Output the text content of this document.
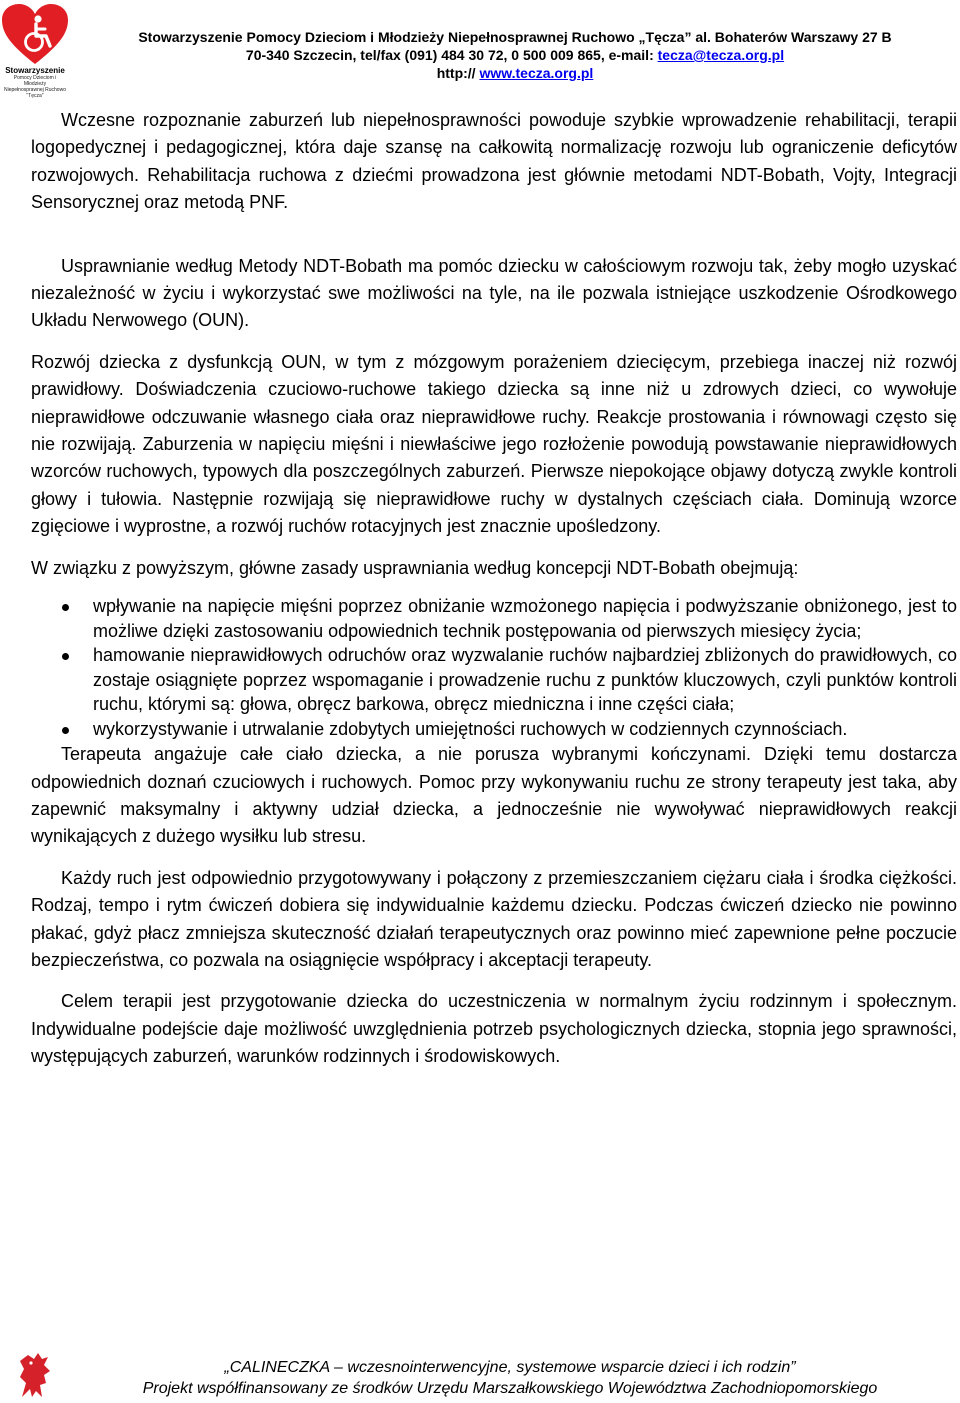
Stowarzyszenie
Pomocy Dzieciom i Młodzieży
Niepełnosprawnej Ruchowo
"Tęcza"
Stowarzyszenie Pomocy Dzieciom i Młodzieży Niepełnosprawnej Ruchowo „Tęcza” al. Bohaterów Warszawy 27 B
70-340 Szczecin, tel/fax (091) 484 30 72, 0 500 009 865, e-mail: tecza@tecza.org.pl
http:// www.tecza.org.pl

Wczesne rozpoznanie zaburzeń lub niepełnosprawności powoduje szybkie wprowadzenie rehabilitacji, terapii logopedycznej i pedagogicznej, która daje szansę na całkowitą normalizację rozwoju lub ograniczenie deficytów rozwojowych. Rehabilitacja ruchowa z dziećmi prowadzona jest głównie metodami NDT-Bobath, Vojty, Integracji Sensorycznej oraz metodą PNF.

Usprawnianie według Metody NDT-Bobath ma pomóc dziecku w całościowym rozwoju tak, żeby mogło uzyskać niezależność w życiu i wykorzystać swe możliwości na tyle, na ile pozwala istniejące uszkodzenie Ośrodkowego Układu Nerwowego (OUN).

Rozwój dziecka z dysfunkcją OUN, w tym z mózgowym porażeniem dziecięcym, przebiega inaczej niż rozwój prawidłowy. Doświadczenia czuciowo-ruchowe takiego dziecka są inne niż u zdrowych dzieci, co wywołuje nieprawidłowe odczuwanie własnego ciała oraz nieprawidłowe ruchy. Reakcje prostowania i równowagi często się nie rozwijają. Zaburzenia w napięciu mięśni i niewłaściwe jego rozłożenie powodują powstawanie nieprawidłowych wzorców ruchowych, typowych dla poszczególnych zaburzeń. Pierwsze niepokojące objawy dotyczą zwykle kontroli głowy i tułowia. Następnie rozwijają się nieprawidłowe ruchy w dystalnych częściach ciała. Dominują wzorce zgięciowe i wyprostne, a rozwój ruchów rotacyjnych jest znacznie upośledzony.

W związku z powyższym, główne zasady usprawniania według koncepcji NDT-Bobath obejmują:

wpływanie na napięcie mięśni poprzez obniżanie wzmożonego napięcia i podwyższanie obniżonego, jest to możliwe dzięki zastosowaniu odpowiednich technik postępowania od pierwszych miesięcy życia;
hamowanie nieprawidłowych odruchów oraz wyzwalanie ruchów najbardziej zbliżonych do prawidłowych, co zostaje osiągnięte poprzez wspomaganie i prowadzenie ruchu z punktów kluczowych, czyli punktów kontroli ruchu, którymi są: głowa, obręcz barkowa, obręcz miedniczna i inne części ciała;
wykorzystywanie i utrwalanie zdobytych umiejętności ruchowych w codziennych czynnościach.

Terapeuta angażuje całe ciało dziecka, a nie porusza wybranymi kończynami. Dzięki temu dostarcza odpowiednich doznań czuciowych i ruchowych. Pomoc przy wykonywaniu ruchu ze strony terapeuty jest taka, aby zapewnić maksymalny i aktywny udział dziecka, a jednocześnie nie wywoływać nieprawidłowych reakcji wynikających z dużego wysiłku lub stresu.

Każdy ruch jest odpowiednio przygotowywany i połączony z przemieszczaniem ciężaru ciała i środka ciężkości. Rodzaj, tempo i rytm ćwiczeń dobiera się indywidualnie każdemu dziecku. Podczas ćwiczeń dziecko nie powinno płakać, gdyż płacz zmniejsza skuteczność działań terapeutycznych oraz powinno mieć zapewnione pełne poczucie bezpieczeństwa, co pozwala na osiągnięcie współpracy i akceptacji terapeuty.

Celem terapii jest przygotowanie dziecka do uczestniczenia w normalnym życiu rodzinnym i społecznym. Indywidualne podejście daje możliwość uwzględnienia potrzeb psychologicznych dziecka, stopnia jego sprawności, występujących zaburzeń, warunków rodzinnych i środowiskowych.

„CALINECZKA – wczesnointerwencyjne, systemowe wsparcie dzieci i ich rodzin”
Projekt współfinansowany ze środków Urzędu Marszałkowskiego Województwa Zachodniopomorskiego
